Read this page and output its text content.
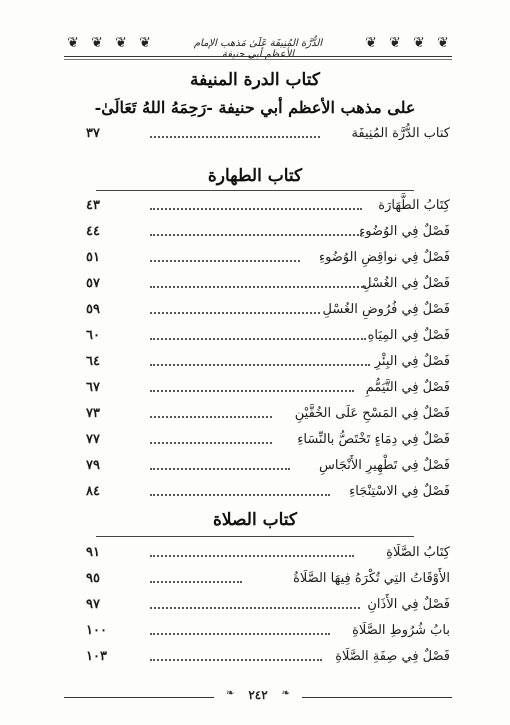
❦ ❦ ❦ ❦	الدُّرَّة المُنِيفَة عَلَىٰ مَذهب الإمام الأعظم أبي حنيفة
❦ ❦ ❦ ❦
كتاب الدرة المنيفة
على مذهب الأعظم أبي حنيفة -رَحِمَهُ اللهُ تَعَالَىٰ-
كتاب الدُّرَّة المُنِيفَة
٣٧
كتاب الطهارة
كِتَابُ الطَّهَارَة
٤٣
فَصْلٌ فِي الوُضُوءِ
٤٤
فَصْلٌ فِي نواقِضِ الوُضُوءِ
٥١
فَصْلٌ فِي الغُسْلِ
٥٧
فَصْلٌ فِي فُرُوضِ الغُسْلِ
٥٩
فَصْلٌ فِي المِيَاهِ
٦٠
فَصْلٌ فِي البِئْرِ
٦٤
فَصْلٌ فِي التَّيَمُّمِ
٦٧
فَصْلٌ فِي المَسْحِ عَلَى الخُفَّيْنِ
٧٣
فَصْلٌ فِي دِمَاءٍ تَخْتَصُّ بالنِّسَاءِ
٧٧
فَصْلٌ فِي تَطْهِيرِ الأَنْجَاسِ
٧٩
فَصْلٌ فِي الاسْتِنْجَاءِ
٨٤
كتاب الصلاة
كِتَابُ الصَّلَاةِ
٩١
الأَوْقَاتُ التِي تُكْرَهُ فِيهَا الصَّلَاةُ
٩٥
فَصْلٌ فِي الأَذَانِ
٩٧
بابُ شُرُوطِ الصَّلَاةِ
١٠٠
فَصْلٌ فِي صِفَةِ الصَّلَاةِ
١٠٣
❧ ٢٤٢ ❧
